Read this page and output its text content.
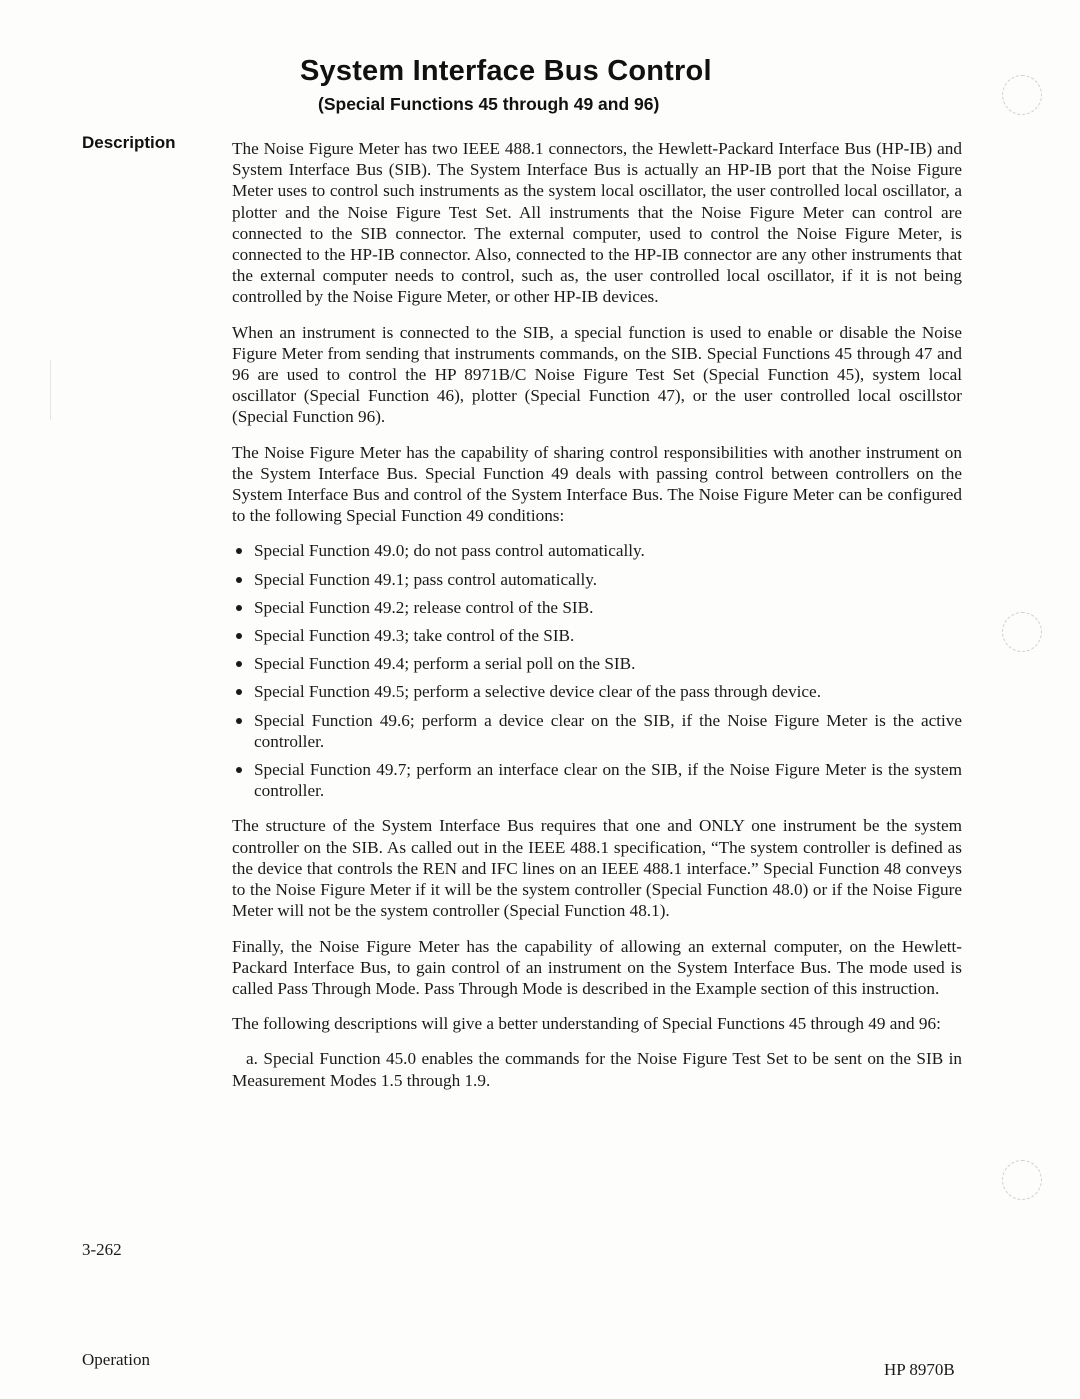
System Interface Bus Control
(Special Functions 45 through 49 and 96)
Description	The Noise Figure Meter has two IEEE 488.1 connectors, the Hewlett-Packard Interface Bus (HP-IB) and System Interface Bus (SIB). The System Interface Bus is actually an HP-IB port that the Noise Figure Meter uses to control such instruments as the system local oscillator, the user controlled local oscillator, a plotter and the Noise Figure Test Set. All instruments that the Noise Figure Meter can control are connected to the SIB connector. The external computer, used to control the Noise Figure Meter, is connected to the HP-IB connector. Also, connected to the HP-IB connector are any other instruments that the external computer needs to control, such as, the user controlled local oscillator, if it is not being controlled by the Noise Figure Meter, or other HP-IB devices.

When an instrument is connected to the SIB, a special function is used to enable or disable the Noise Figure Meter from sending that instruments commands, on the SIB. Special Functions 45 through 47 and 96 are used to control the HP 8971B/C Noise Figure Test Set (Special Function 45), system local oscillator (Special Function 46), plotter (Special Function 47), or the user controlled local oscillstor (Special Function 96).

The Noise Figure Meter has the capability of sharing control responsibilities with another instrument on the System Interface Bus. Special Function 49 deals with passing control between controllers on the System Interface Bus and control of the System Interface Bus. The Noise Figure Meter can be configured to the following Special Function 49 conditions:

Special Function 49.0; do not pass control automatically.
Special Function 49.1; pass control automatically.
Special Function 49.2; release control of the SIB.
Special Function 49.3; take control of the SIB.
Special Function 49.4; perform a serial poll on the SIB.
Special Function 49.5; perform a selective device clear of the pass through device.
Special Function 49.6; perform a device clear on the SIB, if the Noise Figure Meter is the active controller.
Special Function 49.7; perform an interface clear on the SIB, if the Noise Figure Meter is the system controller.

The structure of the System Interface Bus requires that one and ONLY one instrument be the system controller on the SIB. As called out in the IEEE 488.1 specification, “The system controller is defined as the device that controls the REN and IFC lines on an IEEE 488.1 interface.” Special Function 48 conveys to the Noise Figure Meter if it will be the system controller (Special Function 48.0) or if the Noise Figure Meter will not be the system controller (Special Function 48.1).

Finally, the Noise Figure Meter has the capability of allowing an external computer, on the Hewlett-Packard Interface Bus, to gain control of an instrument on the System Interface Bus. The mode used is called Pass Through Mode. Pass Through Mode is described in the Example section of this instruction.

The following descriptions will give a better understanding of Special Functions 45 through 49 and 96:

a. Special Function 45.0 enables the commands for the Noise Figure Test Set to be sent on the SIB in Measurement Modes 1.5 through 1.9.

3-262
Operation
HP 8970B
